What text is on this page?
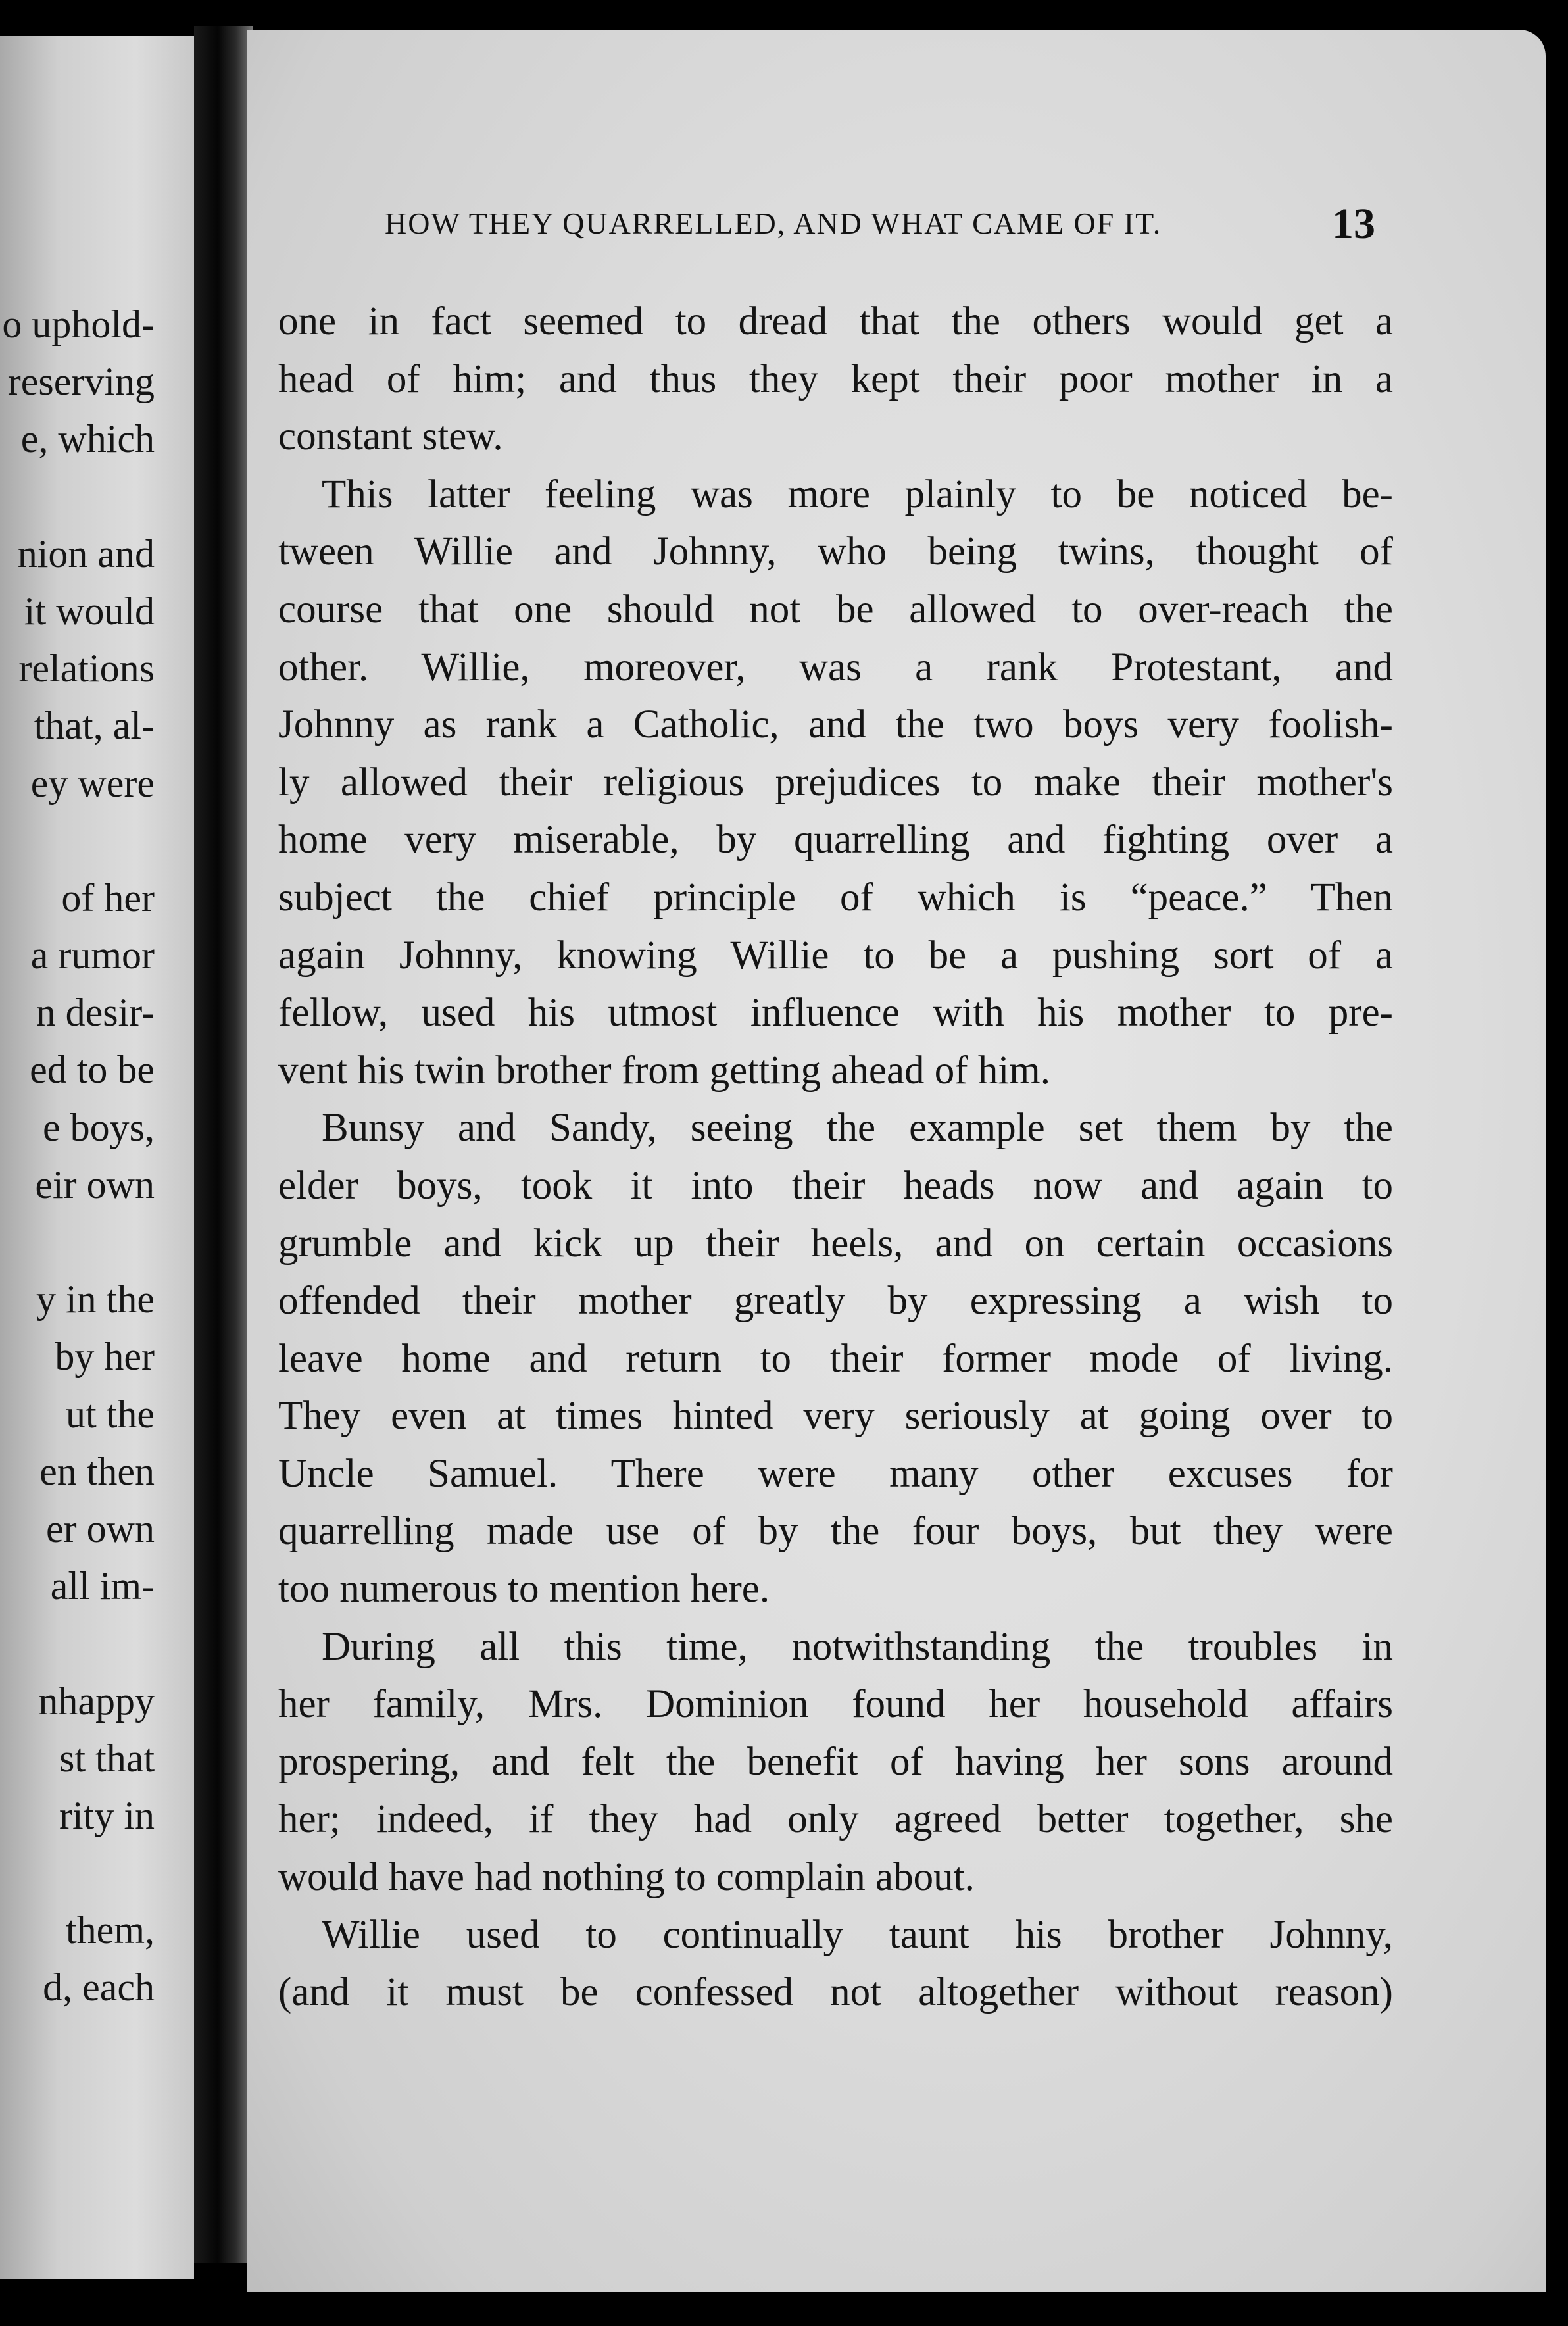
o uphold-
reserving
e, which
nion and
it would
relations
that, al-
ey were
of her
a rumor
n desir-
ed to be
e boys,
eir own
y in the
by her
ut the
en then
er own
all im-
nhappy
st that
rity in
them,
d, each
HOW THEY QUARRELLED, AND WHAT CAME OF IT.	13
one in fact seemed to dread that the others would get a
head of him; and thus they kept their poor mother in a
constant stew.
This latter feeling was more plainly to be noticed be-
tween Willie and Johnny, who being twins, thought of
course that one should not be allowed to over-reach the
other. Willie, moreover, was a rank Protestant, and
Johnny as rank a Catholic, and the two boys very foolish-
ly allowed their religious prejudices to make their mother's
home very miserable, by quarrelling and fighting over a
subject the chief principle of which is “peace.” Then
again Johnny, knowing Willie to be a pushing sort of a
fellow, used his utmost influence with his mother to pre-
vent his twin brother from getting ahead of him.
Bunsy and Sandy, seeing the example set them by the
elder boys, took it into their heads now and again to
grumble and kick up their heels, and on certain occasions
offended their mother greatly by expressing a wish to
leave home and return to their former mode of living.
They even at times hinted very seriously at going over to
Uncle Samuel. There were many other excuses for
quarrelling made use of by the four boys, but they were
too numerous to mention here.
During all this time, notwithstanding the troubles in
her family, Mrs. Dominion found her household affairs
prospering, and felt the benefit of having her sons around
her; indeed, if they had only agreed better together, she
would have had nothing to complain about.
Willie used to continually taunt his brother Johnny,
(and it must be confessed not altogether without reason)
